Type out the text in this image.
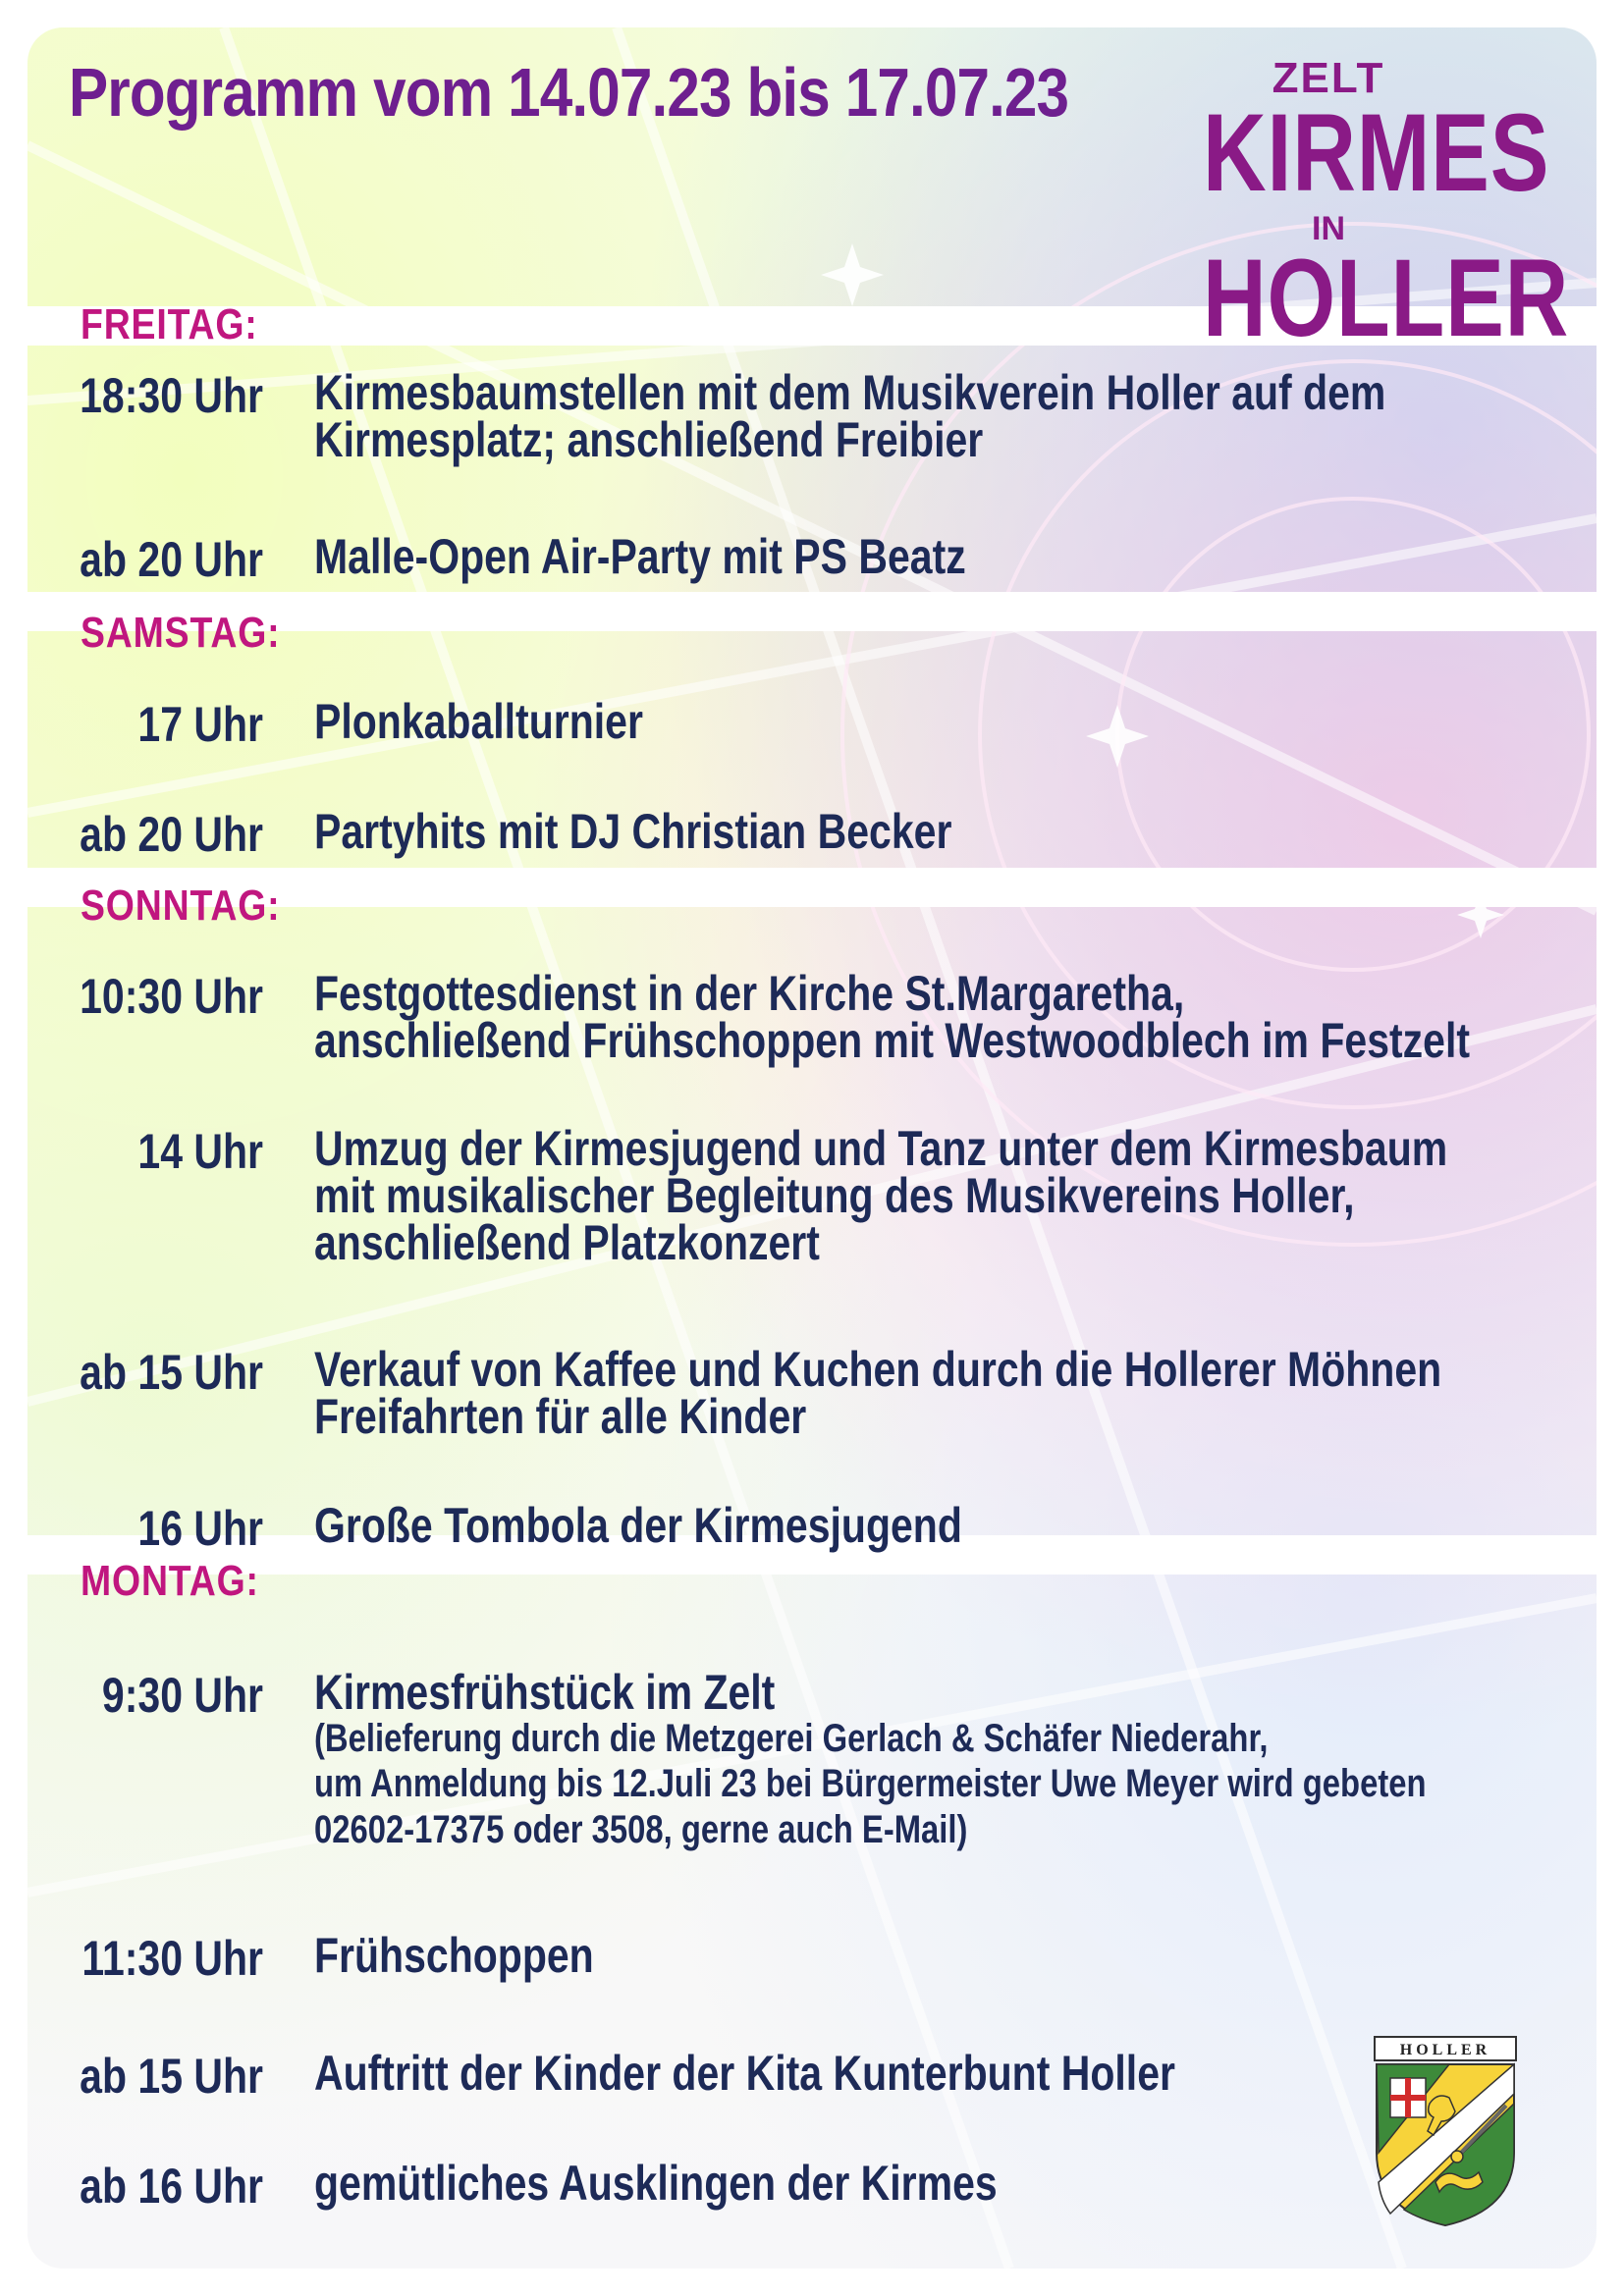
Programm vom 14.07.23 bis 17.07.23	ZELT
KIRMES
IN
HOLLER
FREITAG:
SAMSTAG:
SONNTAG:
MONTAG:
18:30 Uhr Kirmesbaumstellen mit dem Musikverein Holler auf dem
Kirmesplatz; anschließend Freibier
ab 20 Uhr Malle-Open Air-Party mit PS Beatz
17 Uhr Plonkaballturnier
ab 20 Uhr Partyhits mit DJ Christian Becker
10:30 Uhr Festgottesdienst in der Kirche St.Margaretha,
anschließend Frühschoppen mit Westwoodblech im Festzelt
14 Uhr Umzug der Kirmesjugend und Tanz unter dem Kirmesbaum
mit musikalischer Begleitung des Musikvereins Holler,
anschließend Platzkonzert
ab 15 Uhr Verkauf von Kaffee und Kuchen durch die Hollerer Möhnen
Freifahrten für alle Kinder
16 Uhr Große Tombola der Kirmesjugend
9:30 Uhr Kirmesfrühstück im Zelt
(Belieferung durch die Metzgerei Gerlach & Schäfer Niederahr,
um Anmeldung bis 12.Juli 23 bei Bürgermeister Uwe Meyer wird gebeten
02602-17375 oder 3508, gerne auch E-Mail)
11:30 Uhr Frühschoppen
ab 15 Uhr Auftritt der Kinder der Kita Kunterbunt Holler
ab 16 Uhr gemütliches Ausklingen der Kirmes
HOLLER
